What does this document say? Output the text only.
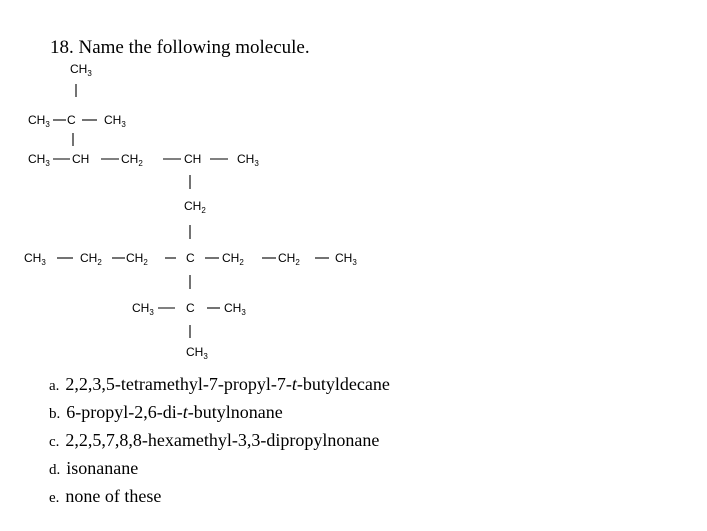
18. Name the following molecule.
$CH_3$
$CH_3$ C $CH_3$
$CH_3$ CH	$CH_2$	CH	$CH_3$
$CH_2$
$CH_3$	$CH_2$ $CH_2$	C $CH_2$	$CH_2$	$CH_3$
$CH_3$	C $CH_3$
$CH_3$
a. 2,2,3,5-tetramethyl-7-propyl-7-t-butyldecane
b. 6-propyl-2,6-di-t-butylnonane
c. 2,2,5,7,8,8-hexamethyl-3,3-dipropylnonane
d. isonanane
e. none of these
